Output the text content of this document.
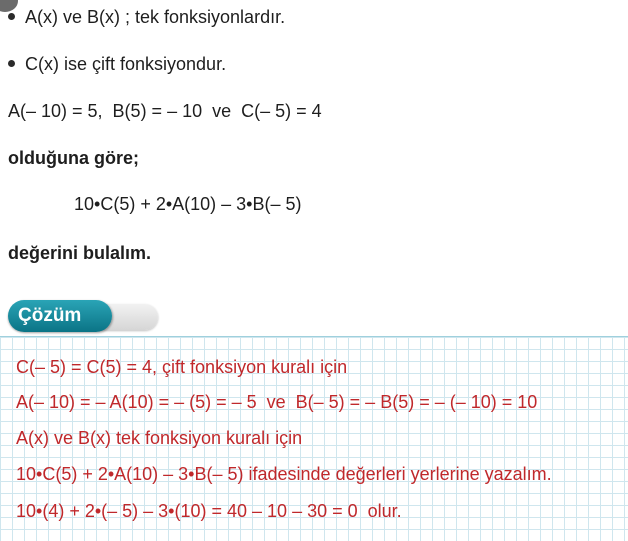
A(x) ve B(x) ; tek fonksiyonlardır.
C(x) ise çift fonksiyondur.
A(– 10) = 5,  B(5) = – 10  ve  C(– 5) = 4
olduğuna göre;
10•C(5) + 2•A(10) – 3•B(– 5)
değerini bulalım.
Çözüm
C(– 5) = C(5) = 4, çift fonksiyon kuralı için
A(– 10) = – A(10) = – (5) = – 5  ve  B(– 5) = – B(5) = – (– 10) = 10
A(x) ve B(x) tek fonksiyon kuralı için
10•C(5) + 2•A(10) – 3•B(– 5) ifadesinde değerleri yerlerine yazalım.
10•(4) + 2•(– 5) – 3•(10) = 40 – 10 – 30 = 0  olur.
